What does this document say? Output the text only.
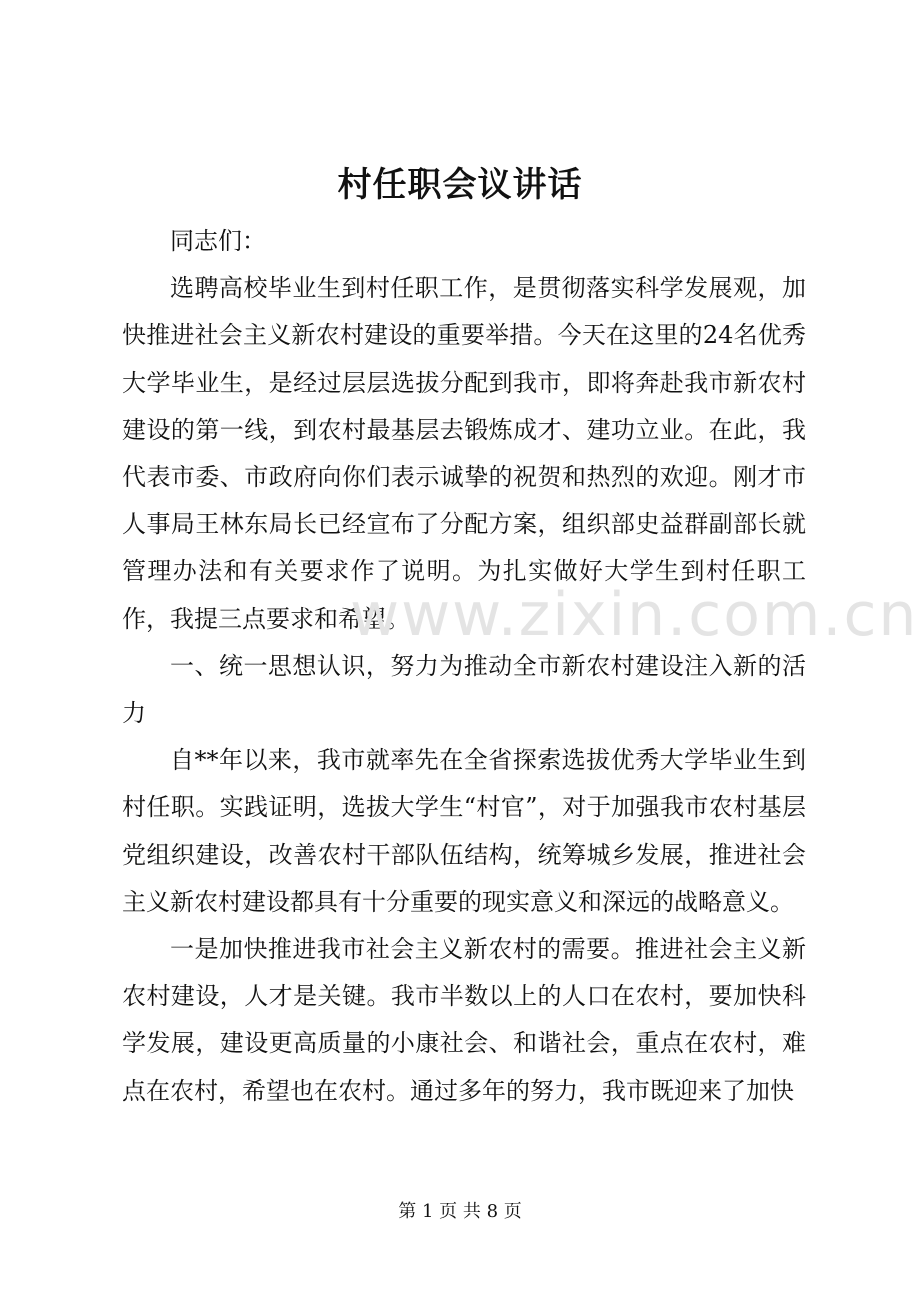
村任职会议讲话

同志们：

选聘高校毕业生到村任职工作，是贯彻落实科学发展观，加快推进社会主义新农村建设的重要举措。今天在这里的24名优秀大学毕业生，是经过层层选拔分配到我市，即将奔赴我市新农村建设的第一线，到农村最基层去锻炼成才、建功立业。在此，我代表市委、市政府向你们表示诚挚的祝贺和热烈的欢迎。刚才市人事局王林东局长已经宣布了分配方案，组织部史益群副部长就管理办法和有关要求作了说明。为扎实做好大学生到村任职工作，我提三点要求和希望。

一、统一思想认识，努力为推动全市新农村建设注入新的活力

自**年以来，我市就率先在全省探索选拔优秀大学毕业生到村任职。实践证明，选拔大学生“村官”，对于加强我市农村基层党组织建设，改善农村干部队伍结构，统筹城乡发展，推进社会主义新农村建设都具有十分重要的现实意义和深远的战略意义。

一是加快推进我市社会主义新农村的需要。推进社会主义新农村建设，人才是关键。我市半数以上的人口在农村，要加快科学发展，建设更高质量的小康社会、和谐社会，重点在农村，难点在农村，希望也在农村。通过多年的努力，我市既迎来了加快

www.zixin.com.cn
第 1 页 共 8 页
